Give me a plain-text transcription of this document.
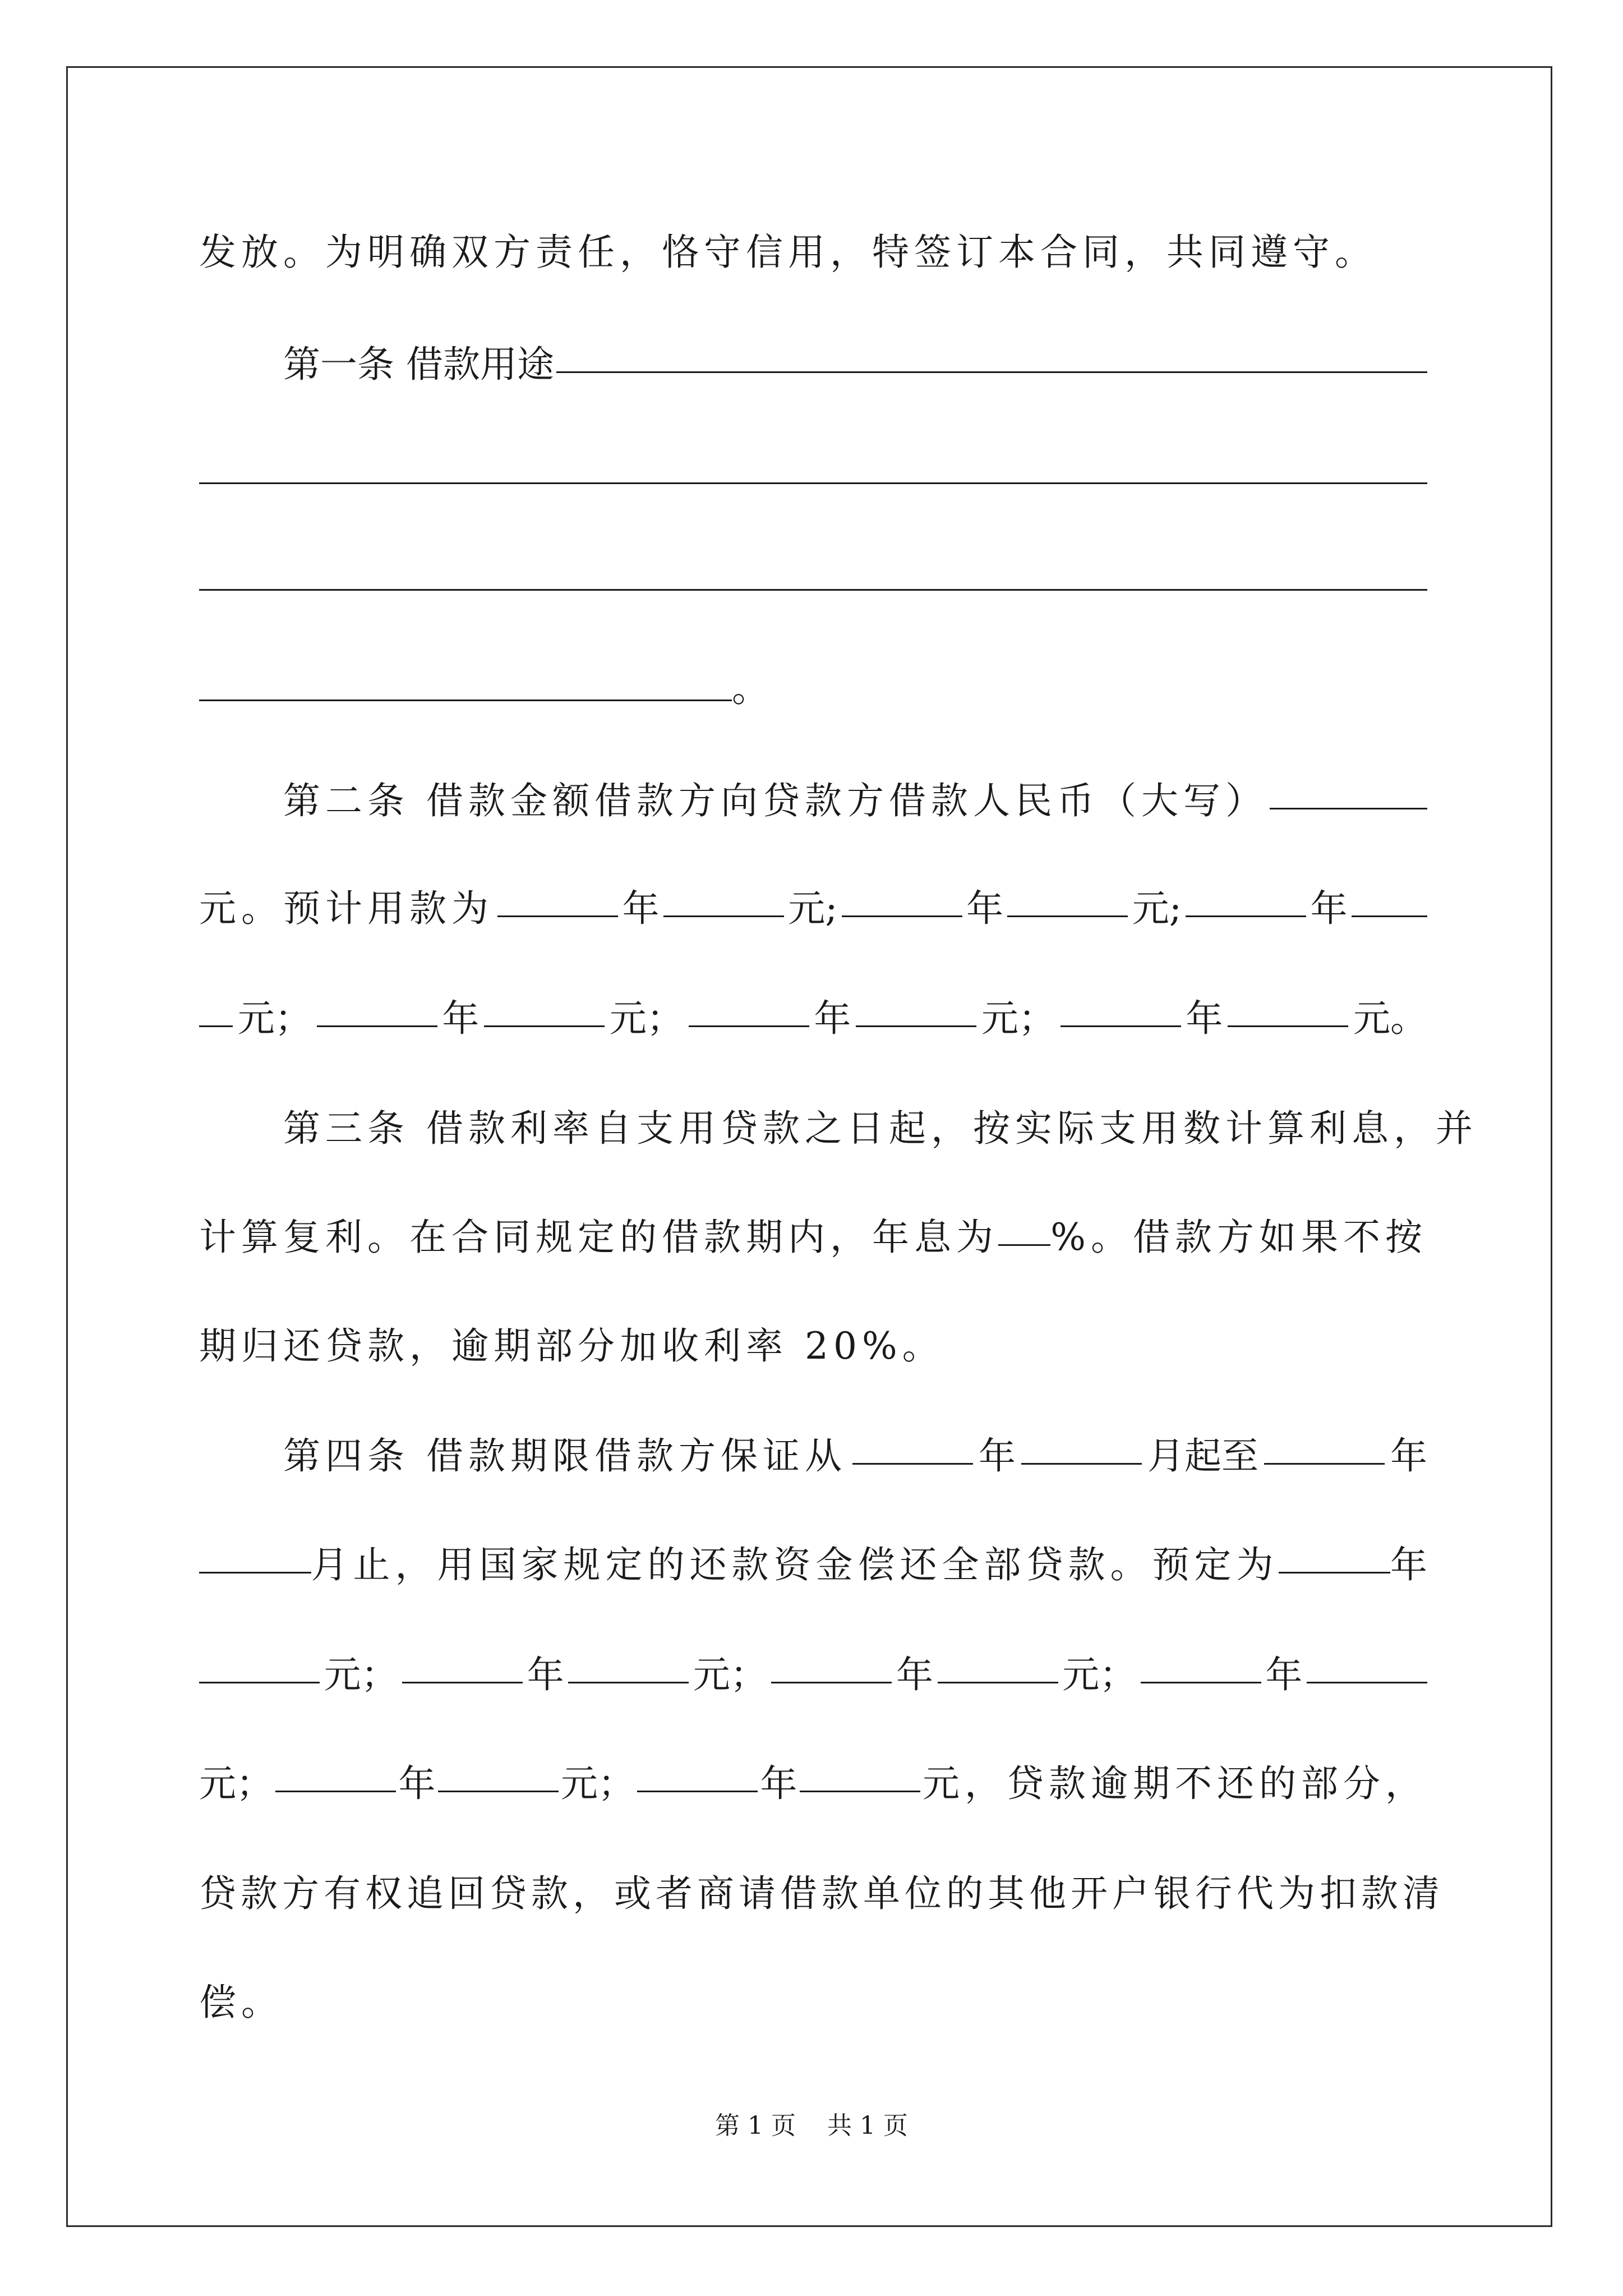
发放。为明确双方责任，恪守信用，特签订本合同，共同遵守。
第一条 借款用途
。
第二条 借款金额借款方向贷款方借款人民币（大写）
元。预计用款为	年	元;	年	元;	年
元；	年	元；	年	元；	年	元。
第三条 借款利率自支用贷款之日起，按实际支用数计算利息，并
计算复利。在合同规定的借款期内，年息为 %。借款方如果不按
期归还贷款，逾期部分加收利率 20%。
第四条 借款期限借款方保证从	年	月起至	年
月止，用国家规定的还款资金偿还全部贷款。预定为	年
元；	年	元；	年	元；	年
元；	年	元；	年	元，贷款逾期不还的部分，
贷款方有权追回贷款，或者商请借款单位的其他开户银行代为扣款清
偿。
第 1 页    共 1 页
